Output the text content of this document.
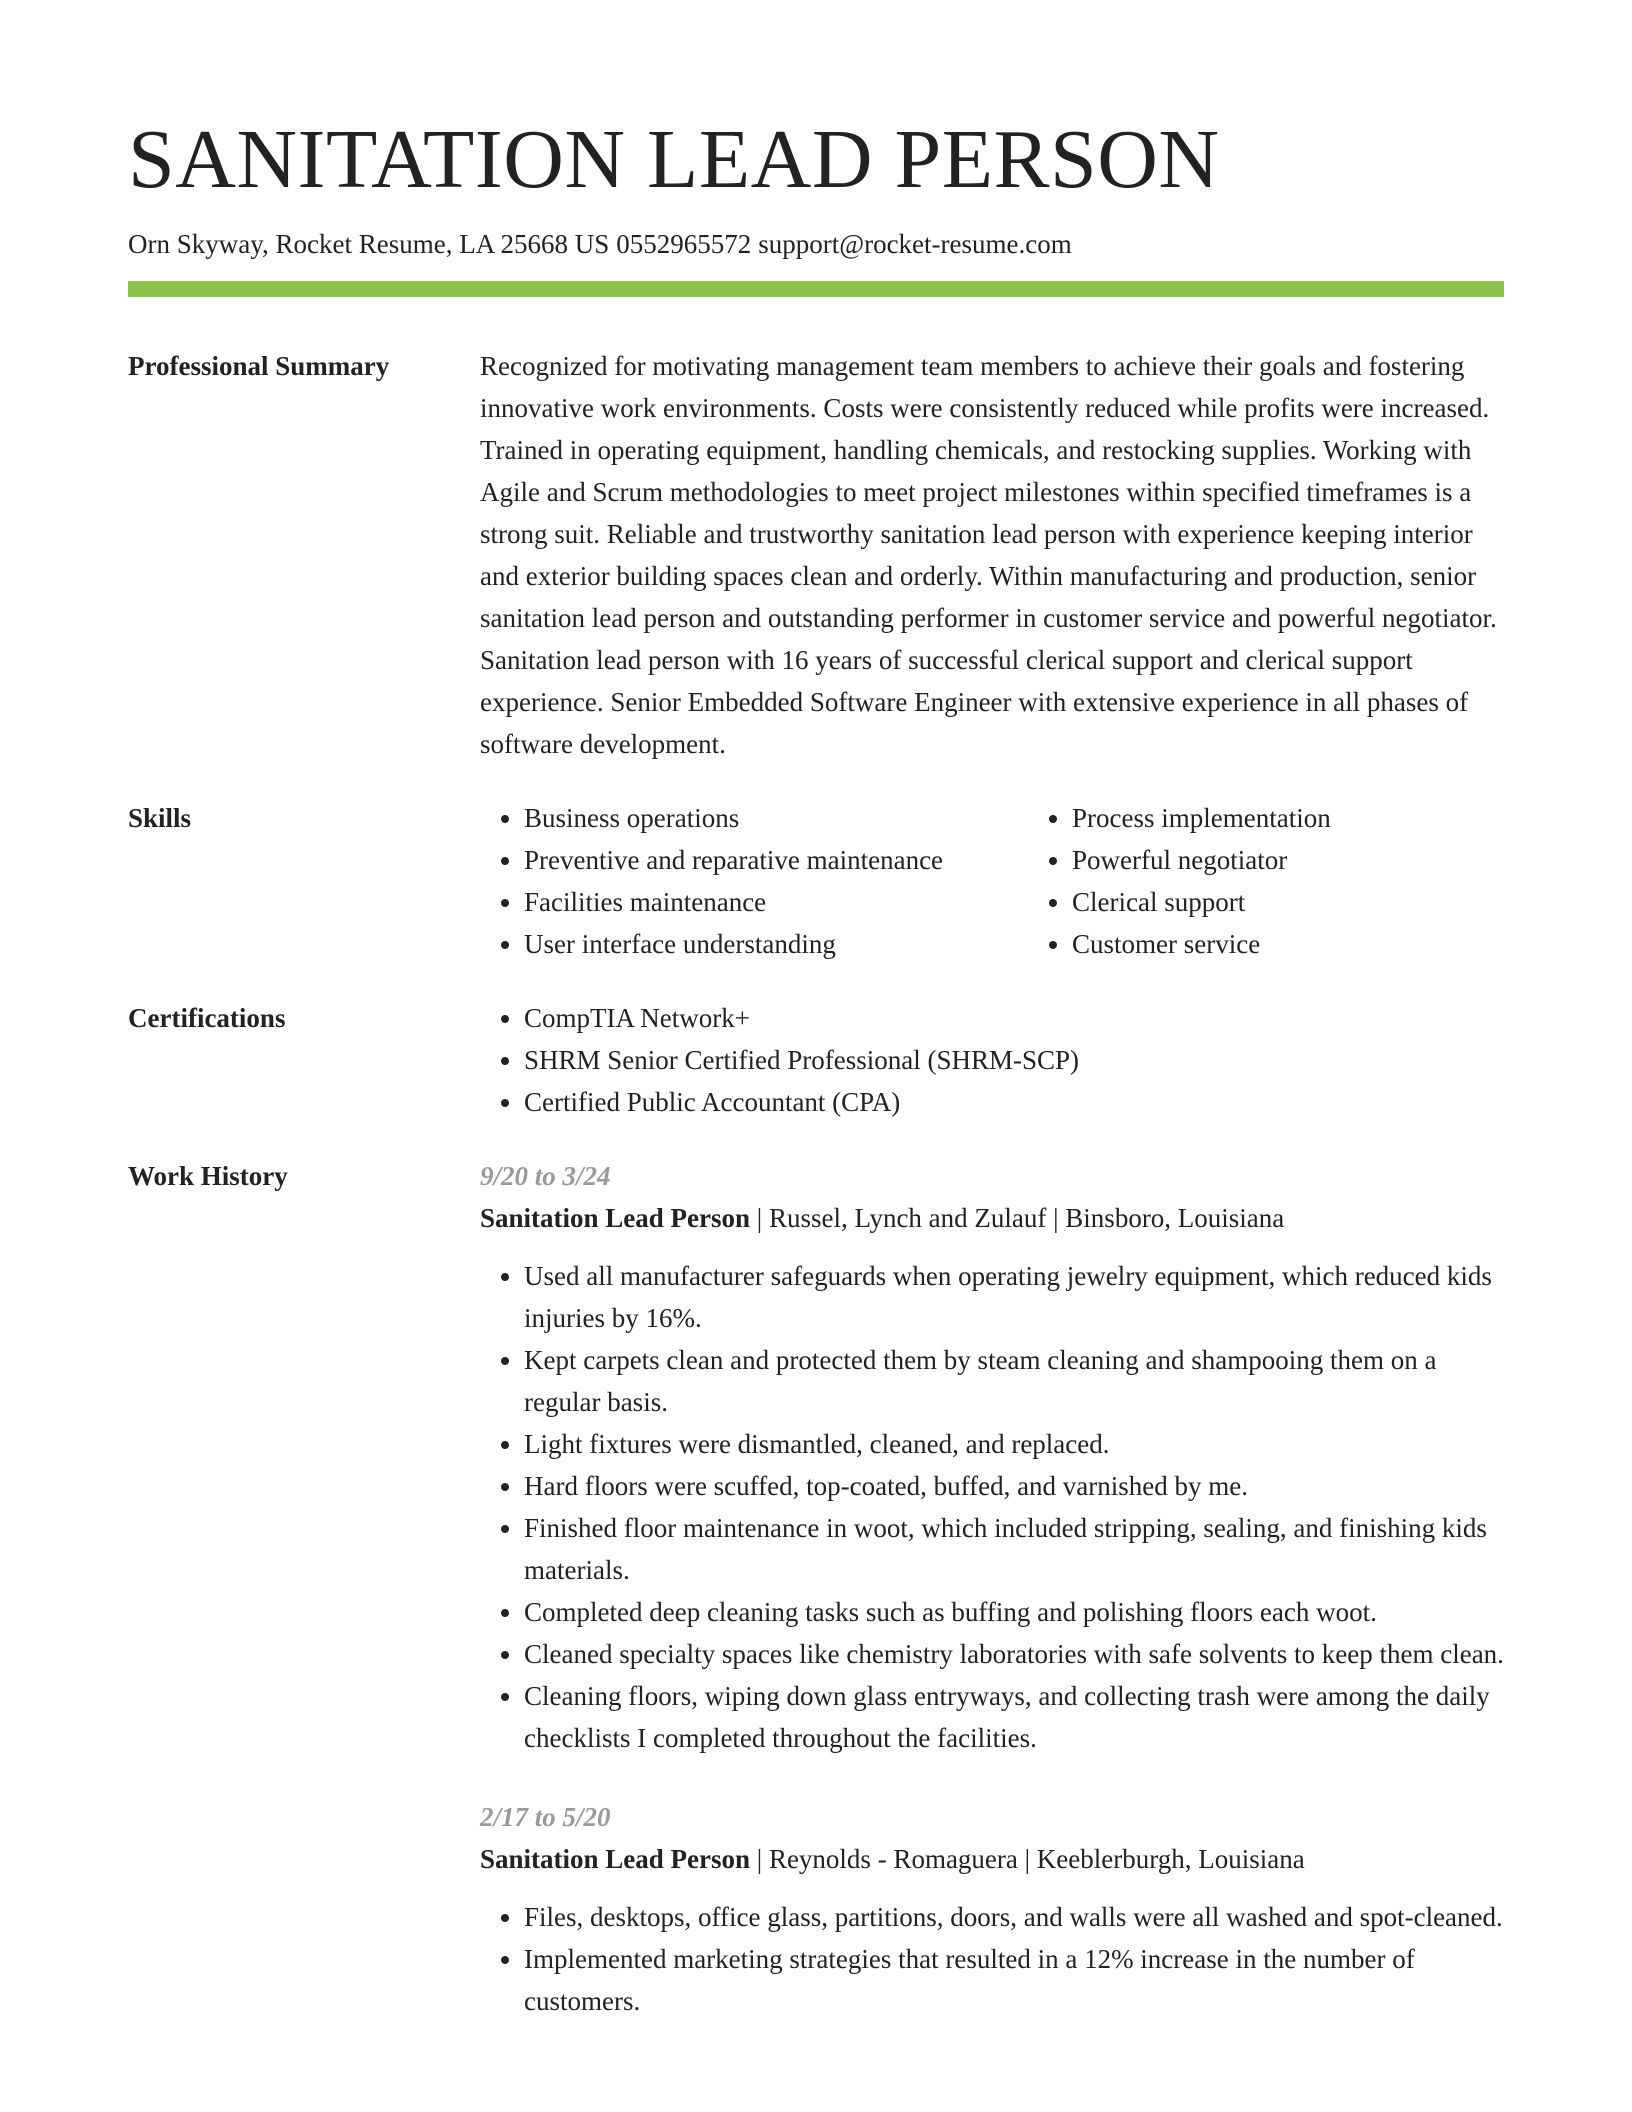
SANITATION LEAD PERSON
Orn Skyway, Rocket Resume, LA 25668 US 0552965572 support@rocket-resume.com
Professional Summary	Recognized for motivating management team members to achieve their goals and fostering innovative work environments. Costs were consistently reduced while profits were increased. Trained in operating equipment, handling chemicals, and restocking supplies. Working with Agile and Scrum methodologies to meet project milestones within specified timeframes is a strong suit. Reliable and trustworthy sanitation lead person with experience keeping interior and exterior building spaces clean and orderly. Within manufacturing and production, senior sanitation lead person and outstanding performer in customer service and powerful negotiator. Sanitation lead person with 16 years of successful clerical support and clerical support experience. Senior Embedded Software Engineer with extensive experience in all phases of software development.

Skills	• Business operations
• Preventive and reparative maintenance
• Facilities maintenance
• User interface understanding
• Process implementation
• Powerful negotiator
• Clerical support
• Customer service
Certifications	• CompTIA Network+
• SHRM Senior Certified Professional (SHRM-SCP)
• Certified Public Accountant (CPA)
Work History	9/20 to 3/24
Sanitation Lead Person | Russel, Lynch and Zulauf | Binsboro, Louisiana
• Used all manufacturer safeguards when operating jewelry equipment, which reduced kids injuries by 16%.
• Kept carpets clean and protected them by steam cleaning and shampooing them on a regular basis.
• Light fixtures were dismantled, cleaned, and replaced.
• Hard floors were scuffed, top-coated, buffed, and varnished by me.
• Finished floor maintenance in woot, which included stripping, sealing, and finishing kids materials.
• Completed deep cleaning tasks such as buffing and polishing floors each woot.
• Cleaned specialty spaces like chemistry laboratories with safe solvents to keep them clean.
• Cleaning floors, wiping down glass entryways, and collecting trash were among the daily checklists I completed throughout the facilities.
2/17 to 5/20
Sanitation Lead Person | Reynolds - Romaguera | Keeblerburgh, Louisiana
• Files, desktops, office glass, partitions, doors, and walls were all washed and spot-cleaned.
• Implemented marketing strategies that resulted in a 12% increase in the number of customers.
